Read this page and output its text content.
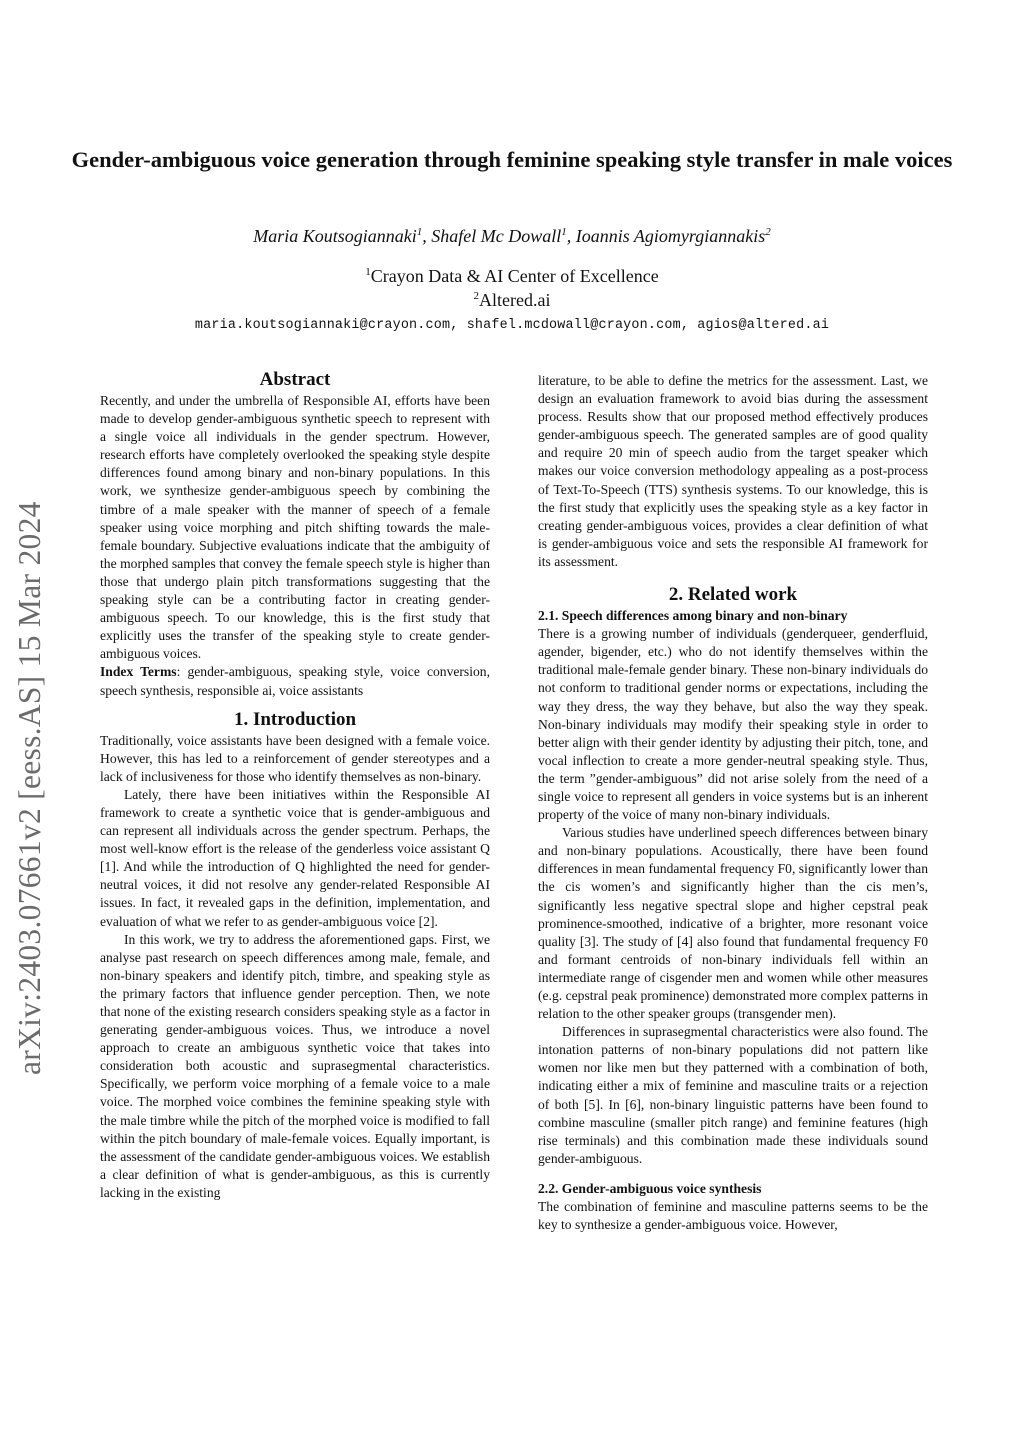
arXiv:2403.07661v2 [eess.AS] 15 Mar 2024
Gender-ambiguous voice generation through feminine speaking style transfer in male voices
Maria Koutsogiannaki$^1$, Shafel Mc Dowall$^1$, Ioannis Agiomyrgiannakis$^2$
$^1$Crayon Data & AI Center of Excellence
$^2$Altered.ai
maria.koutsogiannaki@crayon.com, shafel.mcdowall@crayon.com, agios@altered.ai
Abstract

Recently, and under the umbrella of Responsible AI, efforts have been made to develop gender-ambiguous synthetic speech to represent with a single voice all individuals in the gender spectrum. However, research efforts have completely overlooked the speaking style despite differences found among binary and non-binary populations. In this work, we synthesize gender-ambiguous speech by combining the timbre of a male speaker with the manner of speech of a female speaker using voice morphing and pitch shifting towards the male-female boundary. Subjective evaluations indicate that the ambiguity of the morphed samples that convey the female speech style is higher than those that undergo plain pitch transformations suggesting that the speaking style can be a contributing factor in creating gender-ambiguous speech. To our knowledge, this is the first study that explicitly uses the transfer of the speaking style to create gender-ambiguous voices.

Index Terms: gender-ambiguous, speaking style, voice conversion, speech synthesis, responsible ai, voice assistants

1. Introduction

Traditionally, voice assistants have been designed with a female voice. However, this has led to a reinforcement of gender stereotypes and a lack of inclusiveness for those who identify themselves as non-binary.

Lately, there have been initiatives within the Responsible AI framework to create a synthetic voice that is gender-ambiguous and can represent all individuals across the gender spectrum. Perhaps, the most well-know effort is the release of the genderless voice assistant Q [1]. And while the introduction of Q highlighted the need for gender-neutral voices, it did not resolve any gender-related Responsible AI issues. In fact, it revealed gaps in the definition, implementation, and evaluation of what we refer to as gender-ambiguous voice [2].

In this work, we try to address the aforementioned gaps. First, we analyse past research on speech differences among male, female, and non-binary speakers and identify pitch, timbre, and speaking style as the primary factors that influence gender perception. Then, we note that none of the existing research considers speaking style as a factor in generating gender-ambiguous voices. Thus, we introduce a novel approach to create an ambiguous synthetic voice that takes into consideration both acoustic and suprasegmental characteristics. Specifically, we perform voice morphing of a female voice to a male voice. The morphed voice combines the feminine speaking style with the male timbre while the pitch of the morphed voice is modified to fall within the pitch boundary of male-female voices. Equally important, is the assessment of the candidate gender-ambiguous voices. We establish a clear definition of what is gender-ambiguous, as this is currently lacking in the existing

literature, to be able to define the metrics for the assessment. Last, we design an evaluation framework to avoid bias during the assessment process. Results show that our proposed method effectively produces gender-ambiguous speech. The generated samples are of good quality and require 20 min of speech audio from the target speaker which makes our voice conversion methodology appealing as a post-process of Text-To-Speech (TTS) synthesis systems. To our knowledge, this is the first study that explicitly uses the speaking style as a key factor in creating gender-ambiguous voices, provides a clear definition of what is gender-ambiguous voice and sets the responsible AI framework for its assessment.

2. Related work
2.1. Speech differences among binary and non-binary

There is a growing number of individuals (genderqueer, genderfluid, agender, bigender, etc.) who do not identify themselves within the traditional male-female gender binary. These non-binary individuals do not conform to traditional gender norms or expectations, including the way they dress, the way they behave, but also the way they speak. Non-binary individuals may modify their speaking style in order to better align with their gender identity by adjusting their pitch, tone, and vocal inflection to create a more gender-neutral speaking style. Thus, the term ”gender-ambiguous” did not arise solely from the need of a single voice to represent all genders in voice systems but is an inherent property of the voice of many non-binary individuals.

Various studies have underlined speech differences between binary and non-binary populations. Acoustically, there have been found differences in mean fundamental frequency F0, significantly lower than the cis women’s and significantly higher than the cis men’s, significantly less negative spectral slope and higher cepstral peak prominence-smoothed, indicative of a brighter, more resonant voice quality [3]. The study of [4] also found that fundamental frequency F0 and formant centroids of non-binary individuals fell within an intermediate range of cisgender men and women while other measures (e.g. cepstral peak prominence) demonstrated more complex patterns in relation to the other speaker groups (transgender men).

Differences in suprasegmental characteristics were also found. The intonation patterns of non-binary populations did not pattern like women nor like men but they patterned with a combination of both, indicating either a mix of feminine and masculine traits or a rejection of both [5]. In [6], non-binary linguistic patterns have been found to combine masculine (smaller pitch range) and feminine features (high rise terminals) and this combination made these individuals sound gender-ambiguous.

2.2. Gender-ambiguous voice synthesis

The combination of feminine and masculine patterns seems to be the key to synthesize a gender-ambiguous voice. However,
